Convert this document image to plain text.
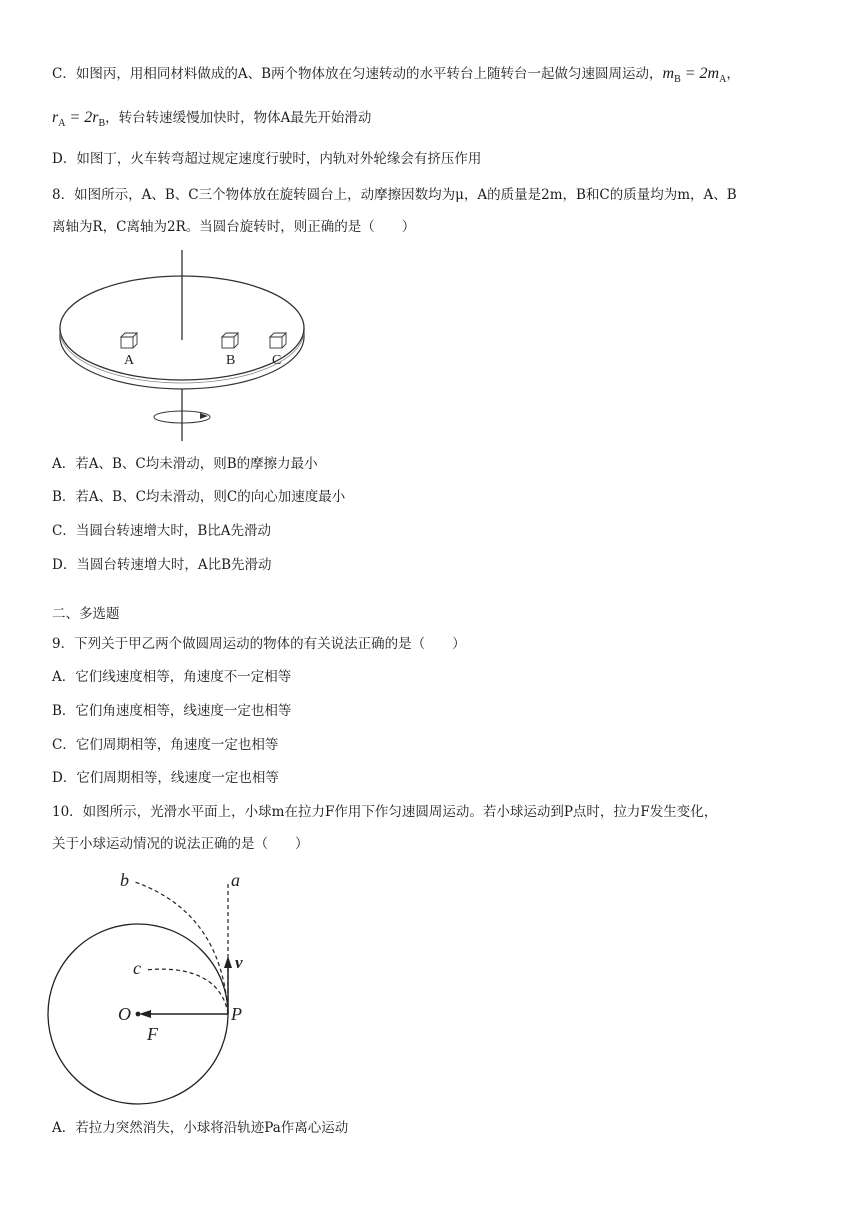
C．如图丙，用相同材料做成的A、B两个物体放在匀速转动的水平转台上随转台一起做匀速圆周运动，$m_B = 2m_A$，
$r_A = 2r_B$，转台转速缓慢加快时，物体A最先开始滑动
D．如图丁，火车转弯超过规定速度行驶时，内轨对外轮缘会有挤压作用
8．如图所示，A、B、C三个物体放在旋转圆台上，动摩擦因数均为μ，A的质量是2m，B和C的质量均为m，A、B
离轴为R，C离轴为2R。当圆台旋转时，则正确的是（　　）
A	B	C
A．若A、B、C均未滑动，则B的摩擦力最小
B．若A、B、C均未滑动，则C的向心加速度最小
C．当圆台转速增大时，B比A先滑动
D．当圆台转速增大时，A比B先滑动
二、多选题
9．下列关于甲乙两个做圆周运动的物体的有关说法正确的是（　　）
A．它们线速度相等，角速度不一定相等
B．它们角速度相等，线速度一定也相等
C．它们周期相等，角速度一定也相等
D．它们周期相等，线速度一定也相等
10．如图所示，光滑水平面上，小球m在拉力F作用下作匀速圆周运动。若小球运动到P点时，拉力F发生变化，
关于小球运动情况的说法正确的是（　　）
b	a
v
c
O	P
F
A．若拉力突然消失，小球将沿轨迹Pa作离心运动
